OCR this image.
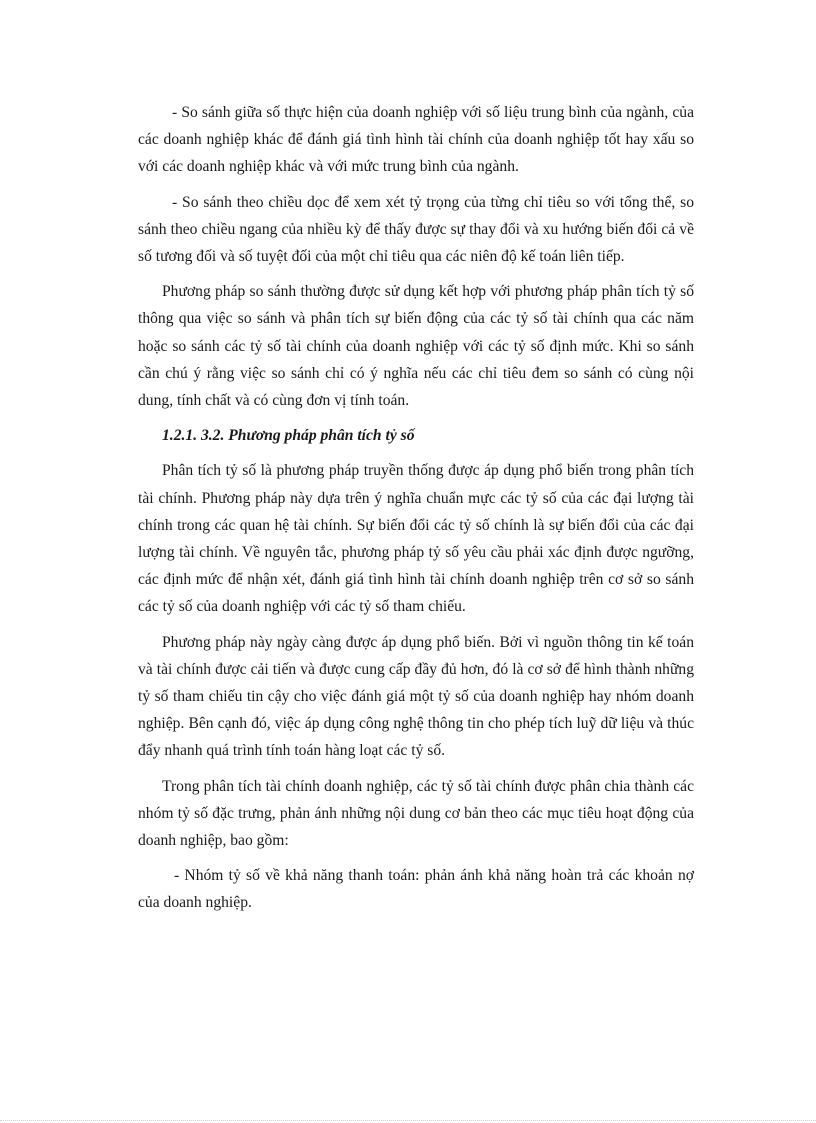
- So sánh giữa số thực hiện của doanh nghiệp với số liệu trung bình của ngành, của các doanh nghiệp khác để đánh giá tình hình tài chính của doanh nghiệp tốt hay xấu so với các doanh nghiệp khác và với mức trung bình của ngành.

- So sánh theo chiều dọc để xem xét tỷ trọng của từng chỉ tiêu so với tổng thể, so sánh theo chiều ngang của nhiều kỳ để thấy được sự thay đổi và xu hướng biến đổi cả về số tương đối và số tuyệt đối của một chỉ tiêu qua các niên độ kế toán liên tiếp.

Phương pháp so sánh thường được sử dụng kết hợp với phương pháp phân tích tỷ số thông qua việc so sánh và phân tích sự biến động của các tỷ số tài chính qua các năm hoặc so sánh các tỷ số tài chính của doanh nghiệp với các tỷ số định mức. Khi so sánh cần chú ý rằng việc so sánh chỉ có ý nghĩa nếu các chỉ tiêu đem so sánh có cùng nội dung, tính chất và có cùng đơn vị tính toán.

1.2.1. 3.2. Phương pháp phân tích tỷ số

Phân tích tỷ số là phương pháp truyền thống được áp dụng phổ biến trong phân tích tài chính. Phương pháp này dựa trên ý nghĩa chuẩn mực các tỷ số của các đại lượng tài chính trong các quan hệ tài chính. Sự biến đổi các tỷ số chính là sự biến đổi của các đại lượng tài chính. Về nguyên tắc, phương pháp tỷ số yêu cầu phải xác định được ngưỡng, các định mức để nhận xét, đánh giá tình hình tài chính doanh nghiệp trên cơ sở so sánh các tỷ số của doanh nghiệp với các tỷ số tham chiếu.

Phương pháp này ngày càng được áp dụng phổ biến. Bởi vì nguồn thông tin kế toán và tài chính được cải tiến và được cung cấp đầy đủ hơn, đó là cơ sở để hình thành những tỷ số tham chiếu tin cậy cho việc đánh giá một tỷ số của doanh nghiệp hay nhóm doanh nghiệp. Bên cạnh đó, việc áp dụng công nghệ thông tin cho phép tích luỹ dữ liệu và thúc đẩy nhanh quá trình tính toán hàng loạt các tỷ số.

Trong phân tích tài chính doanh nghiệp, các tỷ số tài chính được phân chia thành các nhóm tỷ số đặc trưng, phản ánh những nội dung cơ bản theo các mục tiêu hoạt động của doanh nghiệp, bao gồm:

- Nhóm tỷ số về khả năng thanh toán: phản ánh khả năng hoàn trả các khoản nợ của doanh nghiệp.
